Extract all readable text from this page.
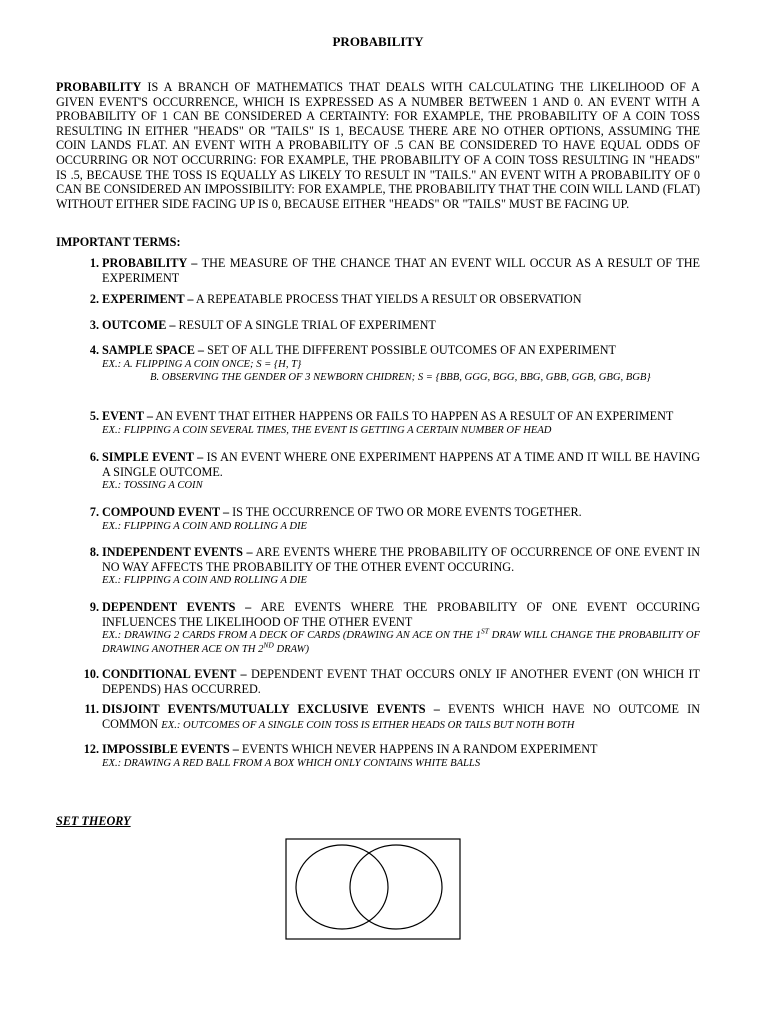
PROBABILITY
PROBABILITY IS A BRANCH OF MATHEMATICS THAT DEALS WITH CALCULATING THE LIKELIHOOD OF A GIVEN EVENT'S OCCURRENCE, WHICH IS EXPRESSED AS A NUMBER BETWEEN 1 AND 0. AN EVENT WITH A PROBABILITY OF 1 CAN BE CONSIDERED A CERTAINTY: FOR EXAMPLE, THE PROBABILITY OF A COIN TOSS RESULTING IN EITHER "HEADS" OR "TAILS" IS 1, BECAUSE THERE ARE NO OTHER OPTIONS, ASSUMING THE COIN LANDS FLAT. AN EVENT WITH A PROBABILITY OF .5 CAN BE CONSIDERED TO HAVE EQUAL ODDS OF OCCURRING OR NOT OCCURRING: FOR EXAMPLE, THE PROBABILITY OF A COIN TOSS RESULTING IN "HEADS" IS .5, BECAUSE THE TOSS IS EQUALLY AS LIKELY TO RESULT IN "TAILS." AN EVENT WITH A PROBABILITY OF 0 CAN BE CONSIDERED AN IMPOSSIBILITY: FOR EXAMPLE, THE PROBABILITY THAT THE COIN WILL LAND (FLAT) WITHOUT EITHER SIDE FACING UP IS 0, BECAUSE EITHER "HEADS" OR "TAILS" MUST BE FACING UP.
IMPORTANT TERMS:
1. PROBABILITY – THE MEASURE OF THE CHANCE THAT AN EVENT WILL OCCUR AS A RESULT OF THE EXPERIMENT
2. EXPERIMENT – A REPEATABLE PROCESS THAT YIELDS A RESULT OR OBSERVATION
3. OUTCOME – RESULT OF A SINGLE TRIAL OF EXPERIMENT
4. SAMPLE SPACE – SET OF ALL THE DIFFERENT POSSIBLE OUTCOMES OF AN EXPERIMENT
EX.: A. FLIPPING A COIN ONCE; S = {H, T}
B. OBSERVING THE GENDER OF 3 NEWBORN CHIDREN; S = {BBB, GGG, BGG, BBG, GBB, GGB, GBG, BGB}
5. EVENT – AN EVENT THAT EITHER HAPPENS OR FAILS TO HAPPEN AS A RESULT OF AN EXPERIMENT
EX.: FLIPPING A COIN SEVERAL TIMES, THE EVENT IS GETTING A CERTAIN NUMBER OF HEAD
6. SIMPLE EVENT – IS AN EVENT WHERE ONE EXPERIMENT HAPPENS AT A TIME AND IT WILL BE HAVING A SINGLE OUTCOME.
EX.: TOSSING A COIN
7. COMPOUND EVENT – IS THE OCCURRENCE OF TWO OR MORE EVENTS TOGETHER.
EX.: FLIPPING A COIN AND ROLLING A DIE
8. INDEPENDENT EVENTS – ARE EVENTS WHERE THE PROBABILITY OF OCCURRENCE OF ONE EVENT IN NO WAY AFFECTS THE PROBABILITY OF THE OTHER EVENT OCCURING.
EX.: FLIPPING A COIN AND ROLLING A DIE
9. DEPENDENT EVENTS – ARE EVENTS WHERE THE PROBABILITY OF ONE EVENT OCCURING INFLUENCES THE LIKELIHOOD OF THE OTHER EVENT
EX.: DRAWING 2 CARDS FROM A DECK OF CARDS (DRAWING AN ACE ON THE 1ST DRAW WILL CHANGE THE PROBABILITY OF DRAWING ANOTHER ACE ON TH 2ND DRAW)
10. CONDITIONAL EVENT – DEPENDENT EVENT THAT OCCURS ONLY IF ANOTHER EVENT (ON WHICH IT DEPENDS) HAS OCCURRED.
11. DISJOINT EVENTS/MUTUALLY EXCLUSIVE EVENTS – EVENTS WHICH HAVE NO OUTCOME IN COMMON EX.: OUTCOMES OF A SINGLE COIN TOSS IS EITHER HEADS OR TAILS BUT NOTH BOTH
12. IMPOSSIBLE EVENTS – EVENTS WHICH NEVER HAPPENS IN A RANDOM EXPERIMENT
EX.: DRAWING A RED BALL FROM A BOX WHICH ONLY CONTAINS WHITE BALLS
SET THEORY
